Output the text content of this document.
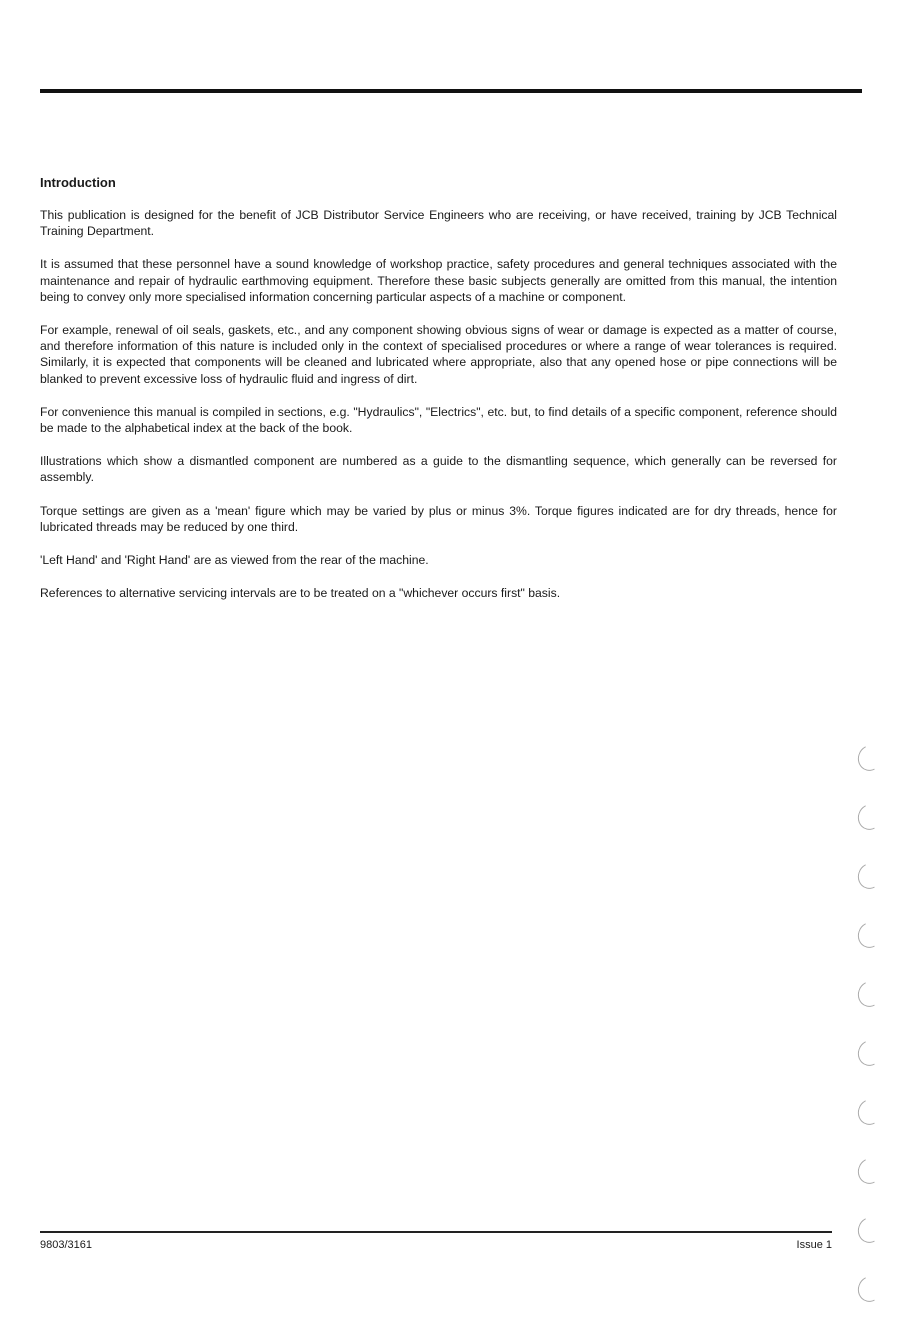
Introduction

This publication is designed for the benefit of JCB Distributor Service Engineers who are receiving, or have received, training by JCB Technical Training Department.

It is assumed that these personnel have a sound knowledge of workshop practice, safety procedures and general techniques associated with the maintenance and repair of hydraulic earthmoving equipment. Therefore these basic subjects generally are omitted from this manual, the intention being to convey only more specialised information concerning particular aspects of a machine or component.

For example, renewal of oil seals, gaskets, etc., and any component showing obvious signs of wear or damage is expected as a matter of course, and therefore information of this nature is included only in the context of specialised procedures or where a range of wear tolerances is required. Similarly, it is expected that components will be cleaned and lubricated where appropriate, also that any opened hose or pipe connections will be blanked to prevent excessive loss of hydraulic fluid and ingress of dirt.

For convenience this manual is compiled in sections, e.g. "Hydraulics", "Electrics", etc. but, to find details of a specific component, reference should be made to the alphabetical index at the back of the book.

Illustrations which show a dismantled component are numbered as a guide to the dismantling sequence, which generally can be reversed for assembly.

Torque settings are given as a 'mean' figure which may be varied by plus or minus 3%. Torque figures indicated are for dry threads, hence for lubricated threads may be reduced by one third.

'Left Hand' and 'Right Hand' are as viewed from the rear of the machine.

References to alternative servicing intervals are to be treated on a "whichever occurs first" basis.

9803/3161	Issue 1
